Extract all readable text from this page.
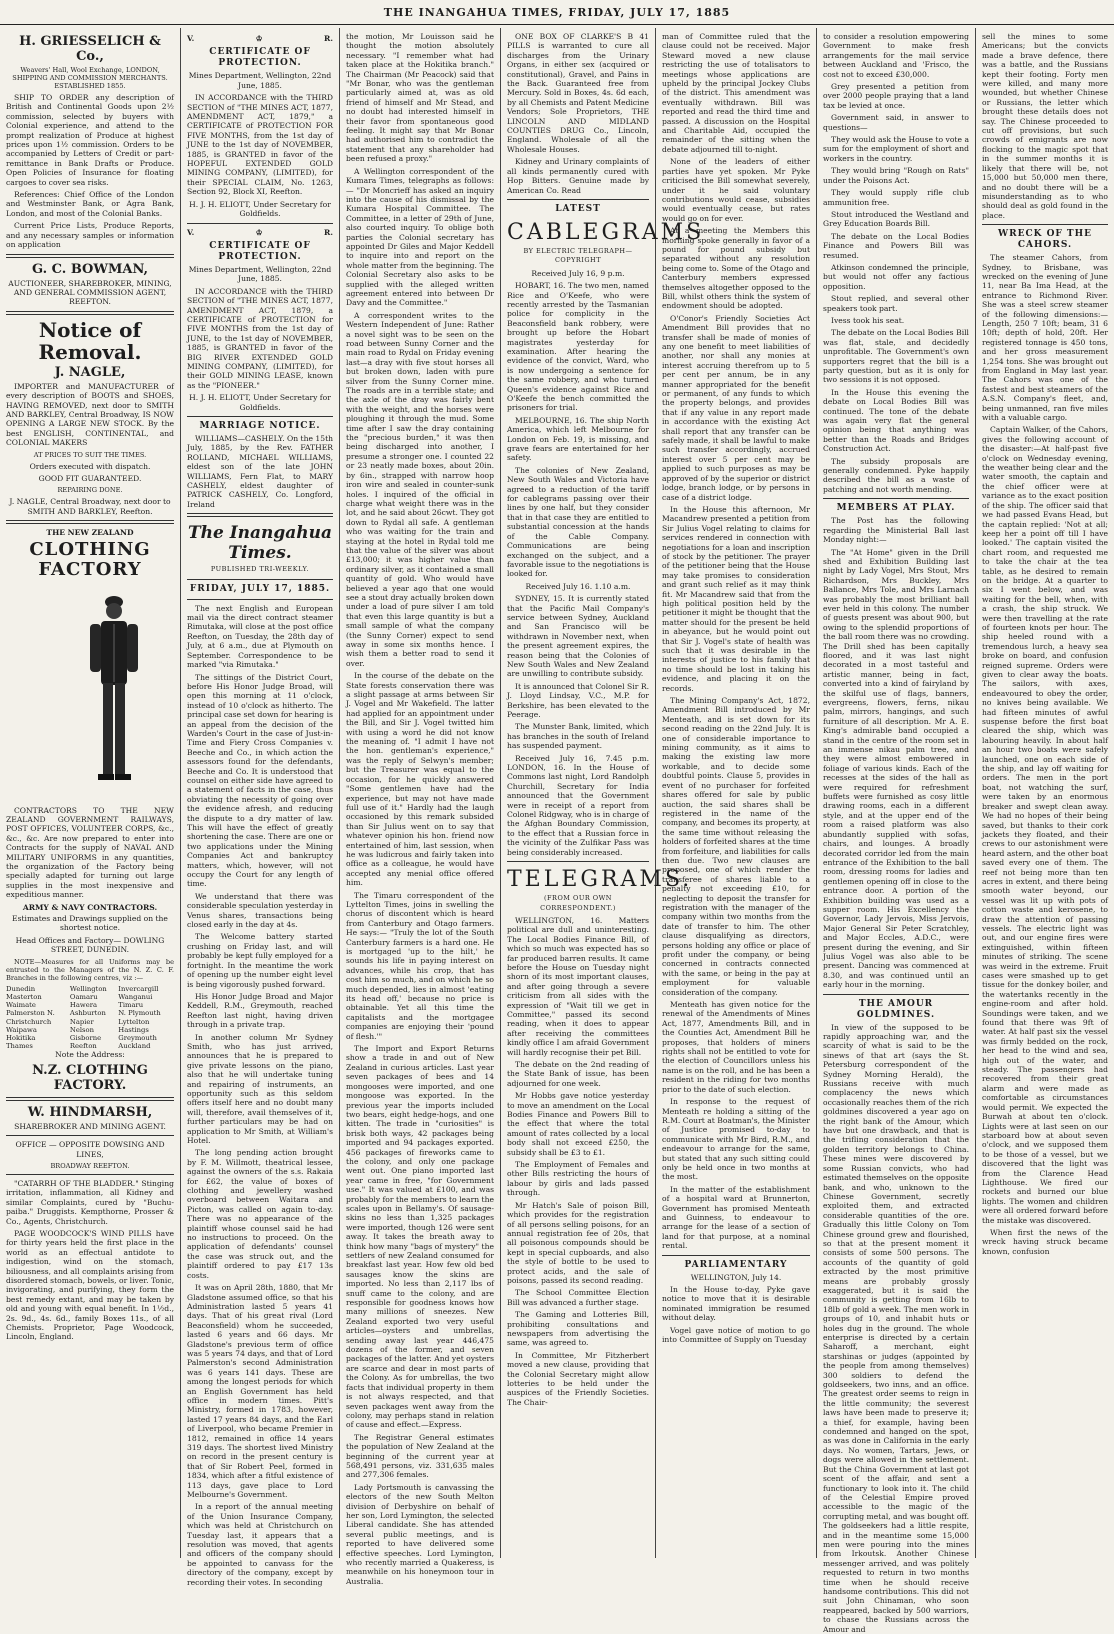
THE INANGAHUA TIMES, FRIDAY, JULY 17, 1885
H. GRIESSELICH & Co.,

Weavers' Hall, Wool Exchange, LONDON, SHIPPING AND COMMISSION MERCHANTS. ESTABLISHED 1855.

SHIP TO ORDER any description of British and Continental Goods upon 2½ commission, selected by buyers with Colonial experience, and attend to the prompt realization of Produce at highest prices upon 1½ commission. Orders to be accompanied by Letters of Credit or part-remittance in Bank Drafts or Produce. Open Policies of Insurance for floating cargoes to cover sea risks.

References: Chief Office of the London and Westminster Bank, or Agra Bank, London, and most of the Colonial Banks.

Current Price Lists, Produce Reports, and any necessary samples or information on application

G. C. BOWMAN,

AUCTIONEER, SHAREBROKER, MINING, AND GENERAL COMMISSION AGENT, REEFTON.

Notice of Removal.
J. NAGLE,

IMPORTER and MANUFACTURER of every description of BOOTS and SHOES, HAVING REMOVED, next door to SMITH AND BARKLEY, Central Broadway, IS NOW OPENING A LARGE NEW STOCK. By the best ENGLISH, CONTINENTAL, and COLONIAL MAKERS

AT PRICES TO SUIT THE TIMES.

Orders executed with dispatch.

GOOD FIT GUARANTEED.

REPAIRING DONE.

J. NAGLE, Central Broadway, next door to SMITH AND BARKLEY, Reefton.

THE NEW ZEALAND
CLOTHING FACTORY

CONTRACTORS TO THE NEW ZEALAND GOVERNMENT RAILWAYS, POST OFFICES, VOLUNTEER CORPS, &c., &c., &c. Are now prepared to enter into Contracts for the supply of NAVAL AND MILITARY UNIFORMS in any quantities, the organization of the Factory being specially adapted for turning out large supplies in the most inexpensive and expeditious manner.

ARMY & NAVY CONTRACTORS.

Estimates and Drawings supplied on the shortest notice.

Head Offices and Factory— DOWLING STREET, DUNEDIN.

NOTE—Measures for all Uniforms may be entrusted to the Managers of the N. Z. C. F. Branches in the following centres, viz :—

Dunedin	Wellington	Invercargill
Masterton	Oamaru	Wanganui
Waimate	Hawera	Timaru
Palmerston N.	Ashburton	N. Plymouth
Christchurch	Napier	Lyttelton
Waipawa	Nelson	Hastings
Hokitika	Gisborne	Greymouth
Thames	Reefton	Auckland

Note the Address:

N.Z. CLOTHING FACTORY.
W. HINDMARSH,

SHAREBROKER AND MINING AGENT.

OFFICE — OPPOSITE DOWSING AND LINES,

BROADWAY REEFTON.

"CATARRH OF THE BLADDER." Stinging irritation, inflammation, all Kidney and similar Complaints, cured by "Buchu-paiba." Druggists. Kempthorne, Prosser & Co., Agents, Christchurch.

PAGE WOODCOCK'S WIND PILLS have for thirty years held the first place in the world as an effectual antidote to indigestion, wind on the stomach, biliousness, and all complaints arising from disordered stomach, bowels, or liver. Tonic, invigorating, and purifying, they form the best remedy extant, and may be taken by old and young with equal benefit. In 1½d., 2s. 9d., 4s. 6d., family Boxes 11s., of all Chemists. Proprietor, Page Woodcock, Lincoln, England.

V.	♔	R.
CERTIFICATE OF PROTECTION.

Mines Department, Wellington, 22nd June, 1885.

IN ACCORDANCE with the THIRD SECTION of "THE MINES ACT, 1877, AMENDMENT ACT, 1879," a CERTIFICATE of PROTECTION FOR FIVE MONTHS, from the 1st day of JUNE to the 1st day of NOVEMBER, 1885, is GRANTED in favor of the HOPEFUL EXTENDED GOLD MINING COMPANY, (LIMITED), for their SPECIAL CLAIM, No. 1263, Section 92, Block XI, Reefton.

H. J. H. ELIOTT, Under Secretary for Goldfields.

V.	♔	R.
CERTIFICATE OF PROTECTION.

Mines Department, Wellington, 22nd June, 1885.

IN ACCORDANCE with the THIRD SECTION of "THE MINES ACT, 1877, AMENDMENT ACT, 1879, a CERTIFICATE of PROTECTION for FIVE MONTHS from the 1st day of JUNE, to the 1st day of NOVEMBER, 1885, is GRANTED in favor of the BIG RIVER EXTENDED GOLD MINING COMPANY, (LIMITED), for their GOLD MINING LEASE, known as the "PIONEER."

H. J. H. ELIOTT, Under Secretary for Goldfields.

MARRIAGE NOTICE.

WILLIAMS—CASHELY. On the 15th July, 1885, by the Rev. FATHER ROLLAND, MICHAEL WILLIAMS, eldest son of the late JOHN WILLIAMS, Fern Flat, to MARY CASHELY, eldest daughter of PATRICK CASHELY, Co. Longford, Ireland

The Inangahua Times.
PUBLISHED TRI-WEEKLY.
FRIDAY, JULY 17, 1885.

The next English and European mail via the direct contract steamer Rimutaka, will close at the post office Reefton, on Tuesday, the 28th day of July, at 6 a.m., due at Plymouth on September. Correspondence to be marked "via Rimutaka."

The sittings of the District Court, before His Honor Judge Broad, will open this morning at 11 o'clock, instead of 10 o'clock as hitherto. The principal case set down for hearing is an appeal from the decision of the Warden's Court in the case of Just-in-Time and Fiery Cross Companies v. Beeche and Co., in which action the assessors found for the defendants, Beeche and Co. It is understood that counsel on either side have agreed to a statement of facts in the case, thus obviating the necessity of going over the evidence afresh, and reducing the dispute to a dry matter of law. This will have the effect of greatly shortening the case. There are one or two applications under the Mining Companies Act and bankruptcy matters, which, however, will not occupy the Court for any length of time.

We understand that there was considerable speculation yesterday in Venus shares, transactions being closed early in the day at 4s.

The Welcome battery started crushing on Friday last, and will probably be kept fully employed for a fortnight. In the meantime the work of opening up the number eight level is being vigorously pushed forward.

His Honor Judge Broad and Major Keddell, R.M., Greymouth, reached Reefton last night, having driven through in a private trap.

In another column Mr Sydney Smith, who has just arrived, announces that he is prepared to give private lessons on the piano, also that he will undertake tuning and repairing of instruments, an opportunity such as this seldom offers itself here and no doubt many will, therefore, avail themselves of it, further particulars may be had on application to Mr Smith, at William's Hotel.

The long pending action brought by F. M. Willmott, theatrical lessee, against the owners of the s.s. Rakaia for £62, the value of boxes of clothing and jewellery washed overboard between Waitara and Picton, was called on again to-day. There was no appearance of the plaintiff whose counsel said he had no instructions to proceed. On the application of defendants' counsel the case was struck out, and the plaintiff ordered to pay £17 13s costs.

It was on April 28th, 1880, that Mr Gladstone assumed office, so that his Administration lasted 5 years 41 days. That of his great rival (Lord Beaconsfield) whom he succeeded, lasted 6 years and 66 days. Mr Gladstone's previous term of office was 5 years 74 days, and that of Lord Palmerston's second Administration was 6 years 141 days. These are among the longest periods for which an English Government has held office in modern times. Pitt's Ministry, formed in 1783, however, lasted 17 years 84 days, and the Earl of Liverpool, who became Premier in 1812, remained in office 14 years 319 days. The shortest lived Ministry on record in the present century is that of Sir Robert Peel, formed in 1834, which after a fitful existence of 113 days, gave place to Lord Melbourne's Government.

In a report of the annual meeting of the Union Insurance Company, which was held at Christchurch on Tuesday last, it appears that a resolution was moved, that agents and officers of the company should be appointed to canvass for the directory of the company, except by recording their votes. In seconding

the motion, Mr Louisson said he thought the motion absolutely necessary. "I remember what had taken place at the Hokitika branch." The Chairman (Mr Peacock) said that "Mr Bonar, who was the gentleman particularly aimed at, was as old friend of himself and Mr Stead, and no doubt had interested himself in their favor from spontaneous good feeling. It might say that Mr Bonar had authorised him to contradict the statement that any shareholder had been refused a proxy."

A Wellington correspondent of the Kumara Times, telegraphs as follows:— "Dr Moncrieff has asked an inquiry into the cause of his dismissal by the Kumara Hospital Committee. The Committee, in a letter of 29th of June, also courted inquiry. To oblige both parties the Colonial secretary has appointed Dr Giles and Major Keddell to inquire into and report on the whole matter from the beginning. The Colonial Secretary also asks to be supplied with the alleged written agreement entered into between Dr Davy and the Committee."

A correspondent writes to the Western Independent of June: Rather a novel sight was to be seen on the road between Sunny Corner and the main road to Rydal on Friday evening last—a dray with five stout horses all but broken down, laden with pure silver from the Sunny Corner mine. The roads are in a terrible state; and the axle of the dray was fairly bent with the weight, and the horses were ploughing it through the mud. Some time after I saw the dray containing the "precious burden," it was then being discharged into another, I presume a stronger one. I counted 22 or 23 neatly made boxes, about 20in. by 6in., strapped with narrow hoop iron wire and sealed in counter-sunk holes. I inquired of the official in charge what weight there was in the lot, and he said about 26cwt. They got down to Rydal all safe. A gentleman who was waiting for the train and staying at the hotel in Rydal told me that the value of the silver was about £13,000; it was higher value than ordinary silver, as it contained a small quantity of gold. Who would have believed a year ago that one would see a stout dray actually broken down under a load of pure silver I am told that even this large quantity is but a small sample of what the company (the Sunny Corner) expect to send away in some six months hence. I wish them a better road to send it over.

In the course of the debate on the State forests conservation there was a slight passage at arms between Sir J. Vogel and Mr Wakefield. The latter had applied for an appointment under the Bill, and Sir J. Vogel twitted him with using a word he did not know the meaning of. "I admit I have not the hon. gentleman's experience," was the reply of Selwyn's member; but the Treasurer was equal to the occasion, for he quickly answered "Some gentlemen have had the experience, but may not have made full use of it." Hardly had the laugh occasioned by this remark subsided than Sir Julius went on to say that whatever opinion his hon. friend now entertained of him, last session, when he was ludicrous and fairly taken into office as a colleague, he would have accepted any menial office offered him.

The Timaru correspondent of the Lyttelton Times, joins in swelling the chorus of discontent which is heard from Canterbury and Otago farmers. He says:— "Truly the lot of the South Canterbury farmers is a hard one. He is mortgaged 'up to the hilt,' he sounds his life in paying interest on advances, while his crop, that has cost him so much, and on which he so much depended, lies in almost 'eating its head off,' because no price is obtainable. Yet all this time the capitalists and the mortgagee companies are enjoying their 'pound of flesh.'"

The Import and Export Returns show a trade in and out of New Zealand in curious articles. Last year seven packages of bees and 14 mongooses were imported, and one mongoose was exported. In the previous year the imports included two bears, eight hedge-hogs, and one kitten. The trade in "curiosities" is brisk both ways, 42 packages being imported and 94 packages exported. 456 packages of fireworks came to the colony, and only one package went out. One piano imported last year came in free, "for Government use." It was valued at £100, and was probably for the members to learn the scales upon in Bellamy's. Of sausage-skins no less than 1,325 packages were imported, though 126 were sent away. It takes the breath away to think how many "bags of mystery" the settlers of new Zealand consumed for breakfast last year. How few old bed sausages know the skins are imported. No less than 2,117 lbs of snuff came to the colony, and are responsible for goodness knows how many millions of sneezes. New Zealand exported two very useful articles—oysters and umbrellas, sending away last year 446,475 dozens of the former, and seven packages of the latter. And yet oysters are scarce and dear in most parts of the Colony. As for umbrellas, the two facts that individual property in them is not always respected, and that seven packages went away from the colony, may perhaps stand in relation of cause and effect.—Express.

The Registrar General estimates the population of New Zealand at the beginning of the current year at 568,491 persons, viz. 331,635 males and 277,306 females.

Lady Portsmouth is canvassing the electors of the new South Melton division of Derbyshire on behalf of her son, Lord Lymington, the selected Liberal candidate. She has attended several public meetings, and is reported to have delivered some effective speeches. Lord Lymington, who recently married a Quakeress, is meanwhile on his honeymoon tour in Australia.

ONE BOX OF CLARKE'S B 41 PILLS is warranted to cure all discharges from the Urinary Organs, in either sex (acquired or constitutional), Gravel, and Pains in the Back. Guaranteed free from Mercury. Sold in Boxes, 4s. 6d each, by all Chemists and Patent Medicine Vendors; Sole Proprietors, THE LINCOLN AND MIDLAND COUNTIES DRUG Co., Lincoln, England. Wholesale of all the Wholesale Houses.

Kidney and Urinary complaints of all kinds permanently cured with Hop Bitters. Genuine made by American Co. Read

LATEST
CABLEGRAMS
BY ELECTRIC TELEGRAPH—COPYRIGHT

Received July 16, 9 p.m.

HOBART, 16. The two men, named Rice and O'Keefe, who were recently arrested by the Tasmanian police for complicity in the Beaconsfield bank robbery, were brought up before the Hobart magistrates yesterday for examination. After hearing the evidence of the convict, Ward, who is now undergoing a sentence for the same robbery, and who turned Queen's evidence against Rice and O'Keefe the bench committed the prisoners for trial.

MELBOURNE, 16. The ship North America, which left Melbourne for London on Feb. 19, is missing, and grave fears are entertained for her safety.

The colonies of New Zealand, New South Wales and Victoria have agreed to a reduction of the tariff for cablegrams passing over their lines by one half, but they consider that in that case they are entitled to substantial concession at the hands of the Cable Company. Communications are being exchanged on the subject, and a favorable issue to the negotiations is looked for.

Received July 16. 1.10 a.m.

SYDNEY, 15. It is currently stated that the Pacific Mail Company's service between Sydney, Auckland and San Francisco will be withdrawn in November next, when the present agreement expires, the reason being that the Colonies of New South Wales and New Zealand are unwilling to contribute subsidy.

It is announced that Colonel Sir R. J. Lloyd Lindsay, V.C., M.P. for Berkshire, has been elevated to the Peerage.

The Munster Bank, limited, which has branches in the south of Ireland has suspended payment.

Received July 16, 7.45 p.m. LONDON, 16. In the House of Commons last night, Lord Randolph Churchill, Secretary for India announced that the Government were in receipt of a report from Colonel Ridgway, who is in charge of the Afghan Boundary Commission, to the effect that a Russian force in the vicinity of the Zulfikar Pass was being considerably increased.

TELEGRAMS.
(FROM OUR OWN CORRESPONDENT.)

WELLINGTON, 16. Matters political are dull and uninteresting. The Local Bodies Finance Bill, of which so much was expected has so far produced barren results. It came before the House on Tuesday night shorn of its most important clauses, and after going through a severe criticism from all sides with the expression of "Wait till we get in Committee," passed its second reading, when it does to appear after receiving the committees kindly office I am afraid Government will hardly recognise their pet Bill.

The debate on the 2nd reading of the State Bank of issue, has been adjourned for one week.

Mr Hobbs gave notice yesterday to move an amendment on the Local Bodies Finance and Powers Bill to the effect that where the total amount of rates collected by a local body shall not exceed £250, the subsidy shall be £3 to £1.

The Employment of Females and other Bills restricting the hours of labour by girls and lads passed through.

Mr Hatch's Sale of poison Bill, which provides for the registration of all persons selling poisons, for an annual registration fee of 20s, that all poisonous compounds should be kept in special cupboards, and also the style of bottle to be used to protect acids, and the sale of poisons, passed its second reading.

The School Committee Election Bill was advanced a further stage.

The Gaming and Lotteries Bill, prohibiting consultations and newspapers from advertising the same, was agreed to.

In Committee, Mr Fitzherbert moved a new clause, providing that the Colonial Secretary might allow lotteries to be held under the auspices of the Friendly Societies. The Chair-

man of Committee ruled that the clause could not be received. Major Steward moved a new clause restricting the use of totalisators to meetings whose applications are upheld by the principal Jockey Clubs of the district. This amendment was eventually withdrawn. Bill was reported and read the third time and passed. A discussion on the Hospital and Charitable Aid, occupied the remainder of the sitting when the debate adjourned till to-night.

None of the leaders of either parties have yet spoken. Mr Pyke criticised the Bill somewhat severely, under it he said voluntary contributions would cease, subsidies would eventually cease, but rates would go on for ever.

At a meeting the Members this morning spoke generally in favor of a pound for pound subsidy but separated without any resolution being come to. Some of the Otago and Canterbury members expressed themselves altogether opposed to the Bill, whilst others think the system of endowment should be adopted.

O'Conor's Friendly Societies Act Amendment Bill provides that no transfer shall be made of monies of any one benefit to meet liabilities of another, nor shall any monies at interest accruing therefrom up to 5 per cent per annum, be in any manner appropriated for the benefit or permanent, of any funds to which the property belongs, and provides that if any value in any report made in accordance with the existing Act shall report that any transfer can be safely made, it shall be lawful to make such transfer accordingly, accrued interest over 5 per cent may be applied to such purposes as may be approved of by the superior or district lodge, branch lodge, or by persons in case of a district lodge.

In the House this afternoon, Mr Macandrew presented a petition from Sir Julius Vogel relating to claims for services rendered in connection with negotiations for a loan and inscription of stock by the petitioner. The prayer of the petitioner being that the House may take promises to consideration and grant such relief as it may think fit. Mr Macandrew said that from the high political position held by the petitioner it might be thought that the matter should for the present be held in abeyance, but he would point out that Sir J. Vogel's state of health was such that it was desirable in the interests of justice to his family that no time should be lost in taking his evidence, and placing it on the records.

The Mining Company's Act, 1872, Amendment Bill introduced by Mr Menteath, and is set down for its second reading on the 22nd July. It is one of considerable importance to mining community, as it aims to making the existing law more workable, and to decide some doubtful points. Clause 5, provides in event of no purchaser for forfeited shares offered for sale by public auction, the said shares shall be registered in the name of the company, and becomes its property, at the same time without releasing the holders of forfeited shares at the time from forfeiture, and liabilities for calls then due. Two new clauses are proposed, one of which render the transferee of shares liable to a penalty not exceeding £10, for neglecting to deposit the transfer for registration with the manager of the company within two months from the date of transfer to him. The other clause disqualifying as directors, persons holding any office or place of profit under the company, or being concerned in contracts connected with the same, or being in the pay at employment for valuable consideration of the company.

Menteath has given notice for the renewal of the Amendments of Mines Act, 1877, Amendments Bill, and in the Counties Act, Amendment Bill he proposes, that holders of miners rights shall not be entitled to vote for the election of Councillors unless his name is on the roll, and he has been a resident in the riding for two months prior to the date of such election.

In response to the request of Menteath re holding a sitting of the R.M. Court at Boatman's, the Minister of Justice promised to-day to communicate with Mr Bird, R.M., and endeavour to arrange for the same, but stated that any such sitting could only be held once in two months at the most.

In the matter of the establishment of a hospital ward at Brunnerton, Government has promised Menteath and Guinness, to endeavour to arrange for the lease of a section of land for that purpose, at a nominal rental.

PARLIAMENTARY

WELLINGTON, July 14.

In the House to-day, Pyke gave notice to move that it is desirable nominated immigration be resumed without delay.

Vogel gave notice of motion to go into Committee of Supply on Tuesday

to consider a resolution empowering Government to make fresh arrangements for the mail service between Auckland and 'Frisco, the cost not to exceed £30,000.

Grey presented a petition from over 2000 people praying that a land tax be levied at once.

Government said, in answer to questions—

They would ask the House to vote a sum for the employment of short and workers in the country.

They would bring "Rough on Rats" under the Poisons Act.

They would supply rifle club ammunition free.

Stout introduced the Westland and Grey Education Boards Bill.

The debate on the Local Bodies Finance and Powers Bill was resumed.

Atkinson condemned the principle, but would not offer any factious opposition.

Stout replied, and several other speakers took part.

Ivess took his seat.

The debate on the Local Bodies Bill was flat, stale, and decidedly unprofitable. The Government's own supporters regret that the bill is a party question, but as it is only for two sessions it is not opposed.

In the House this evening the debate on Local Bodies Bill was continued. The tone of the debate was again very flat the general opinion being that anything was better than the Roads and Bridges Construction Act.

The subsidy proposals are generally condemned. Pyke happily described the bill as a waste of patching and not worth mending.

MEMBERS AT PLAY.

The Post has the following regarding the Ministerial Ball last Monday night:—

The "At Home" given in the Drill shed and Exhibition Building last night by Lady Vogel, Mrs Stout, Mrs Richardson, Mrs Buckley, Mrs Ballance, Mrs Tole, and Mrs Larnach was probably the most brilliant ball ever held in this colony. The number of guests present was about 900, but owing to the splendid proportions of the ball room there was no crowding. The Drill shed has been capitally floored, and it was last night decorated in a most tasteful and artistic manner, being in fact, converted into a kind of fairyland by the skilful use of flags, banners, evergreens, flowers, ferns, nikau palm, mirrors, hangings, and such furniture of all description. Mr A. E. King's admirable band occupied a stand in the centre of the room set in an immense nikau palm tree, and they were almost embowered in foliage of various kinds. Each of the recesses at the sides of the hall as were required for refreshment buffets were furnished as cosy little drawing rooms, each in a different style, and at the upper end of the room a raised platform was also abundantly supplied with sofas, chairs, and lounges. A broadly decorated corridor led from the main entrance of the Exhibition to the ball room, dressing rooms for ladies and gentlemen opening off in close to the entrance door. A portion of the Exhibition building was used as a supper room. His Excellency the Governor, Lady Jervois, Miss Jervois, Major General Sir Peter Scratchley, and Major Eccles, A.D.C., were present during the evening, and Sir Julius Vogel was also able to be present. Dancing was commenced at 8.30, and was continued until an early hour in the morning.

THE AMOUR GOLDMINES.

In view of the supposed to be rapidly approaching war, and the scarcity of what is said to be the sinews of that art (says the St. Petersburg correspondent of the Sydney Morning Herald), the Russians receive with much complacency the news which occasionally reaches them of the rich goldmines discovered a year ago on the right bank of the Amour, which have but one drawback, and that is the trifling consideration that the golden territory belongs to China. These mines were discovered by some Russian convicts, who had estimated themselves on the opposite bank, and who, unknown to the Chinese Government, secretly exploited them, and extracted considerable quantities of the ore. Gradually this little Colony on Tom Chinese ground grew and flourished, so that at the present moment it consists of some 500 persons. The accounts of the quantity of gold extracted by the most primitive means are probably grossly exaggerated, but it is said the community is getting from 16lb to 18lb of gold a week. The men work in groups of 10, and inhabit huts or holes dug in the ground. The whole enterprise is directed by a certain Saharoff, a merchant, eight starshinas or judges (appointed by the people from among themselves) 300 soldiers to defend the goldseekers, two inns, and an office. The greatest order seems to reign in the little community; the severest laws have been made to preserve it; a thief, for example, having been condemned and hanged on the spot, as was done in California in the early days. No women, Tartars, Jews, or dogs were allowed in the settlement. But the China Government at last got scent of the affair, and sent a functionary to look into it. The child of the Celestial Empire proved accessible to the magic of the corrupting metal, and was bought off. The goldseekers had a little respite, and in the meantime some 15,000 men were pouring into the mines from Irkoutsk. Another Chinese messenger arrived, and was politely requested to return in two months time when he should receive handsome contributions. This did not suit John Chinaman, who soon reappeared, backed by 500 warriors, to chase the Russians across the Amour and

sell the mines to some Americans; but the convicts made a brave defence, there was a battle, and the Russians kept their footing. Forty men were killed, and many more wounded, but whether Chinese or Russians, the letter which brought these details does not say. The Chinese proceeded to cut off provisions, but such crowds of emigrants are now flocking to the magic spot that in the summer months it is likely that there will be, not 15,000 but 50,000 men there, and no doubt there will be a misunderstanding as to who should deal as gold found in the place.

WRECK OF THE CAHORS.

The steamer Cahors, from Sydney, to Brisbane, was wrecked on the evening of June 11, near Ba Ima Head, at the entrance to Richmond River. She was a steel screw steamer of the following dimensions:—Length, 250 7 10ft; beam, 31 6 10ft; depth of hold, 20ft. Her registered tonnage is 450 tons, and her gross measurement 1,254 tons. She was brought out from England in May last year. The Cahors was one of the fastest and best steamers of the A.S.N. Company's fleet, and, being unmanned, ran five miles with a valuable cargo.

Captain Walker, of the Cahors, gives the following account of the disaster:—At half-past five o'clock on Wednesday evening, the weather being clear and the water smooth, the captain and the chief officer were at variance as to the exact position of the ship. The officer said that we had passed Evans Head, but the captain replied: 'Not at all; keep her a point off till I have looked.' The captain visited the chart room, and requested me to take the chair at the tea table, as he desired to remain on the bridge. At a quarter to six I went below, and was waiting for the bell, when, with a crash, the ship struck. We were then travelling at the rate of fourteen knots per hour. The ship heeled round with a tremendous lurch, a heavy sea broke on board, and confusion reigned supreme. Orders were given to clear away the boats. The sailors, with axes, endeavoured to obey the order, no knives being available. We had fifteen minutes of awful suspense before the first boat cleared the ship, which was labouring heavily. In about half an hour two boats were safely launched, one on each side of the ship, and lay off waiting for orders. The men in the port boat, not watching the surf, were taken by an enormous breaker and swept clean away. We had no hopes of their being saved, but thanks to their cork jackets they floated, and their crews to our astonishment were heard astern, and the other boat saved every one of them. The reef not being more than ten acres in extent, and there being smooth water beyond, our vessel was lit up with pots of cotton waste and kerosene, to draw the attention of passing vessels. The electric light was out, and our engine fires were extinguished, within fifteen minutes of striking. The scene was weird in the extreme. Fruit cases were smashed up to get tissue for the donkey boiler, and the watertanks recently in the engine-room and after hold. Soundings were taken, and we found that there was 9ft of water. At half past six the vessel was firmly bedded on the rock, her head to the wind and sea, high out of the water, and steady. The passengers had recovered from their great alarm and were made as comfortable as circumstances would permit. We expected the Burwah at about ten o'clock. Lights were at last seen on our starboard bow at about seven o'clock, and we supposed them to be those of a vessel, but we discovered that the light was from the Clarence Head Lighthouse. We fired our rockets and burned our blue lights. The women and children were all ordered forward before the mistake was discovered.

When first the news of the wreck having struck became known, confusion
